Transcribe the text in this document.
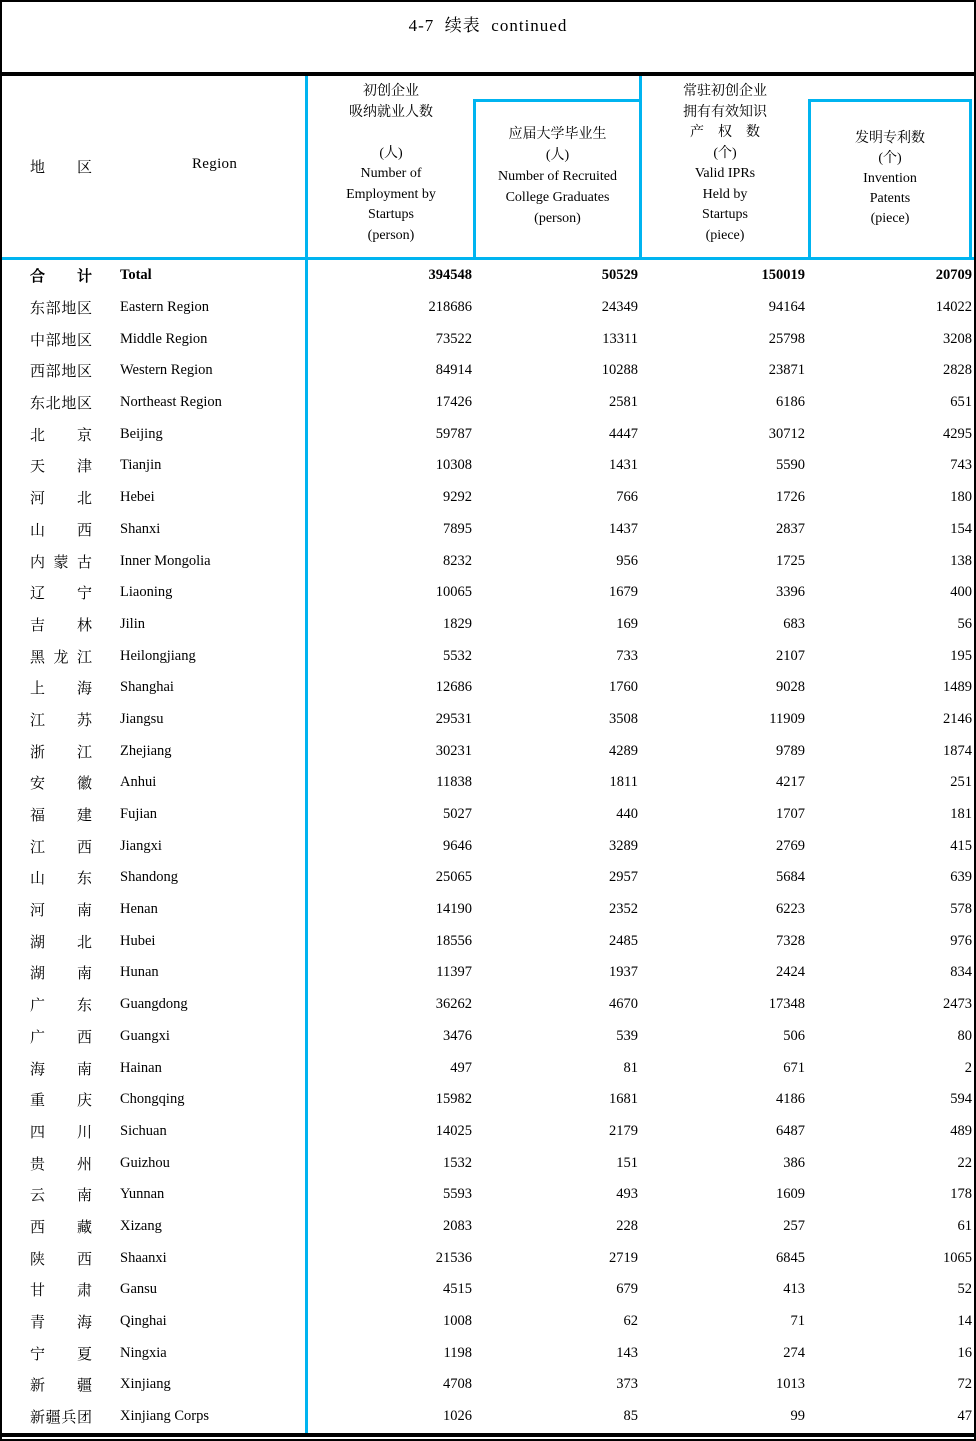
4-7  续表  continued
地区	Region
初创企业
吸纳就业人数

(人)
Number of
Employment by
Startups
(person)
应届大学毕业生
(人)
Number of Recruited
College Graduates
(person)
常驻初创企业
拥有有效知识
产　权　数
(个)
Valid IPRs
Held by
Startups
(piece)
发明专利数
(个)
Invention
Patents
(piece)
合计 Total	394548	50529	150019	20709
东部地区 Eastern Region	218686	24349	94164	14022
中部地区 Middle Region	73522	13311	25798	3208
西部地区 Western Region	84914	10288	23871	2828
东北地区 Northeast Region	17426	2581	6186	651
北京 Beijing	59787	4447	30712	4295
天津 Tianjin	10308	1431	5590	743
河北 Hebei	9292	766	1726	180
山西 Shanxi	7895	1437	2837	154
内蒙古 Inner Mongolia	8232	956	1725	138
辽宁 Liaoning	10065	1679	3396	400
吉林 Jilin	1829	169	683	56
黑龙江 Heilongjiang	5532	733	2107	195
上海 Shanghai	12686	1760	9028	1489
江苏 Jiangsu	29531	3508	11909	2146
浙江 Zhejiang	30231	4289	9789	1874
安徽 Anhui	11838	1811	4217	251
福建 Fujian	5027	440	1707	181
江西 Jiangxi	9646	3289	2769	415
山东 Shandong	25065	2957	5684	639
河南 Henan	14190	2352	6223	578
湖北 Hubei	18556	2485	7328	976
湖南 Hunan	11397	1937	2424	834
广东 Guangdong	36262	4670	17348	2473
广西 Guangxi	3476	539	506	80
海南 Hainan	497	81	671	2
重庆 Chongqing	15982	1681	4186	594
四川 Sichuan	14025	2179	6487	489
贵州 Guizhou	1532	151	386	22
云南 Yunnan	5593	493	1609	178
西藏 Xizang	2083	228	257	61
陕西 Shaanxi	21536	2719	6845	1065
甘肃 Gansu	4515	679	413	52
青海 Qinghai	1008	62	71	14
宁夏 Ningxia	1198	143	274	16
新疆 Xinjiang	4708	373	1013	72
新疆兵团 Xinjiang Corps	1026	85	99	47
